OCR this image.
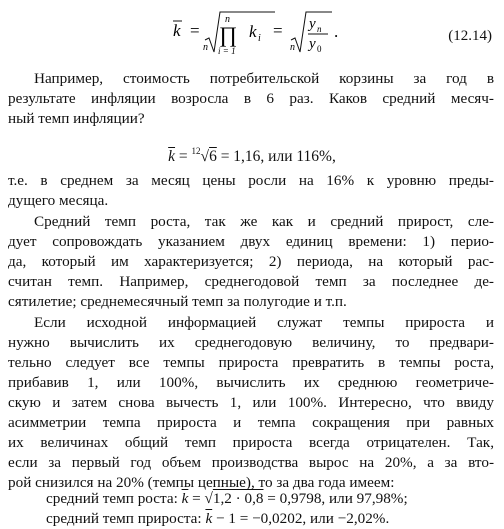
k =
n
n
∏
i = 1
k i =
n
y n
y 0
.	(12.14)

Например, стоимость потребительской корзины за год в
результате инфляции возросла в 6 раз. Каков средний месяч-
ный темп инфляции?

$\overline{k} = ^{12}√6 = 1,16$, или 116%,

т.е. в среднем за месяц цены росли на 16% к уровню преды-
дущего месяца.

Средний темп роста, так же как и средний прирост, сле-
дует сопровождать указанием двух единиц времени: 1) перио-
да, который им характеризуется; 2) периода, на который рас-
считан темп. Например, среднегодовой темп за последнее де-
сятилетие; среднемесячный темп за полугодие и т.п.

Если исходной информацией служат темпы прироста и
нужно вычислить их среднегодовую величину, то предвари-
тельно следует все темпы прироста превратить в темпы роста,
прибавив 1, или 100%, вычислить их среднюю геометриче-
скую и затем снова вычесть 1, или 100%. Интересно, что ввиду
асимметрии темпа прироста и темпа сокращения при равных
их величинах общий темп прироста всегда отрицателен. Так,
если за первый год объем производства вырос на 20%, а за вто-
рой снизился на 20% (темпы цепные), то за два года имеем:

средний темп роста: $\overline{k} = √1,2 \cdot 0,8 = 0,9798$, или 97,98%;
средний темп прироста: $\overline{k} - 1 = -0,0202$, или −2,02%.
